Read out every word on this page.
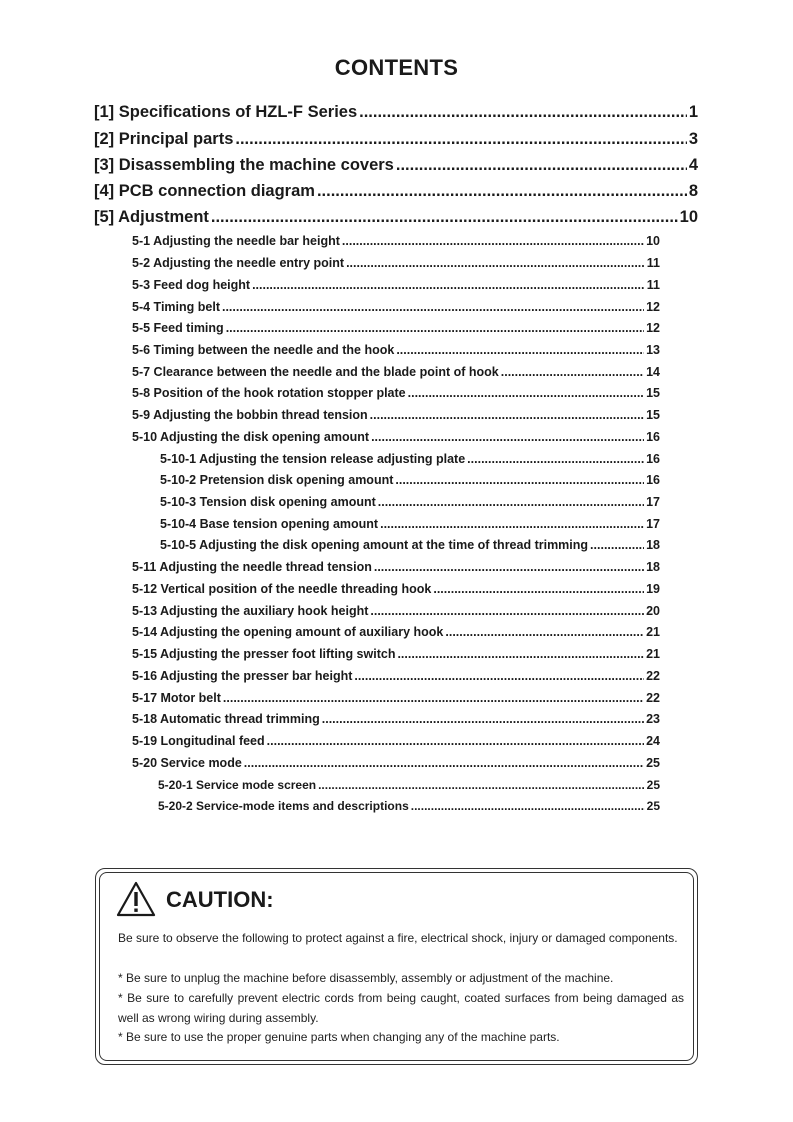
CONTENTS
[1] Specifications of HZL-F Series .....	1
[2] Principal parts .....	3
[3] Disassembling the machine covers .....	4
[4] PCB connection diagram .....	8
[5] Adjustment .....	10
5-1 Adjusting the needle bar height .....	10
5-2 Adjusting the needle entry point .....	11
5-3 Feed dog height .....	11
5-4 Timing belt .....	12
5-5 Feed timing .....	12
5-6 Timing between the needle and the hook .....	13
5-7 Clearance between the needle and the blade point of hook .....	14
5-8 Position of the hook rotation stopper plate .....	15
5-9 Adjusting the bobbin thread tension .....	15
5-10 Adjusting the disk opening amount .....	16
5-10-1 Adjusting the tension release adjusting plate .....	16
5-10-2 Pretension disk opening amount .....	16
5-10-3 Tension disk opening amount .....	17
5-10-4 Base tension opening amount .....	17
5-10-5 Adjusting the disk opening amount at the time of thread trimming .....	18
5-11 Adjusting the needle thread tension .....	18
5-12 Vertical position of the needle threading hook .....	19
5-13 Adjusting the auxiliary hook height .....	20
5-14 Adjusting the opening amount of auxiliary hook .....	21
5-15 Adjusting the presser foot lifting switch .....	21
5-16 Adjusting the presser bar height .....	22
5-17 Motor belt .....	22
5-18 Automatic thread trimming .....	23
5-19 Longitudinal feed .....	24
5-20 Service mode .....	25
5-20-1 Service mode screen .....	25
5-20-2 Service-mode items and descriptions .....	25
CAUTION:
Be sure to observe the following to protect against a fire, electrical shock, injury or damaged components.
* Be sure to unplug the machine before disassembly, assembly or adjustment of the machine.
* Be sure to carefully prevent electric cords from being caught, coated surfaces from being damaged as well as wrong wiring during assembly.
* Be sure to use the proper genuine parts when changing any of the machine parts.
